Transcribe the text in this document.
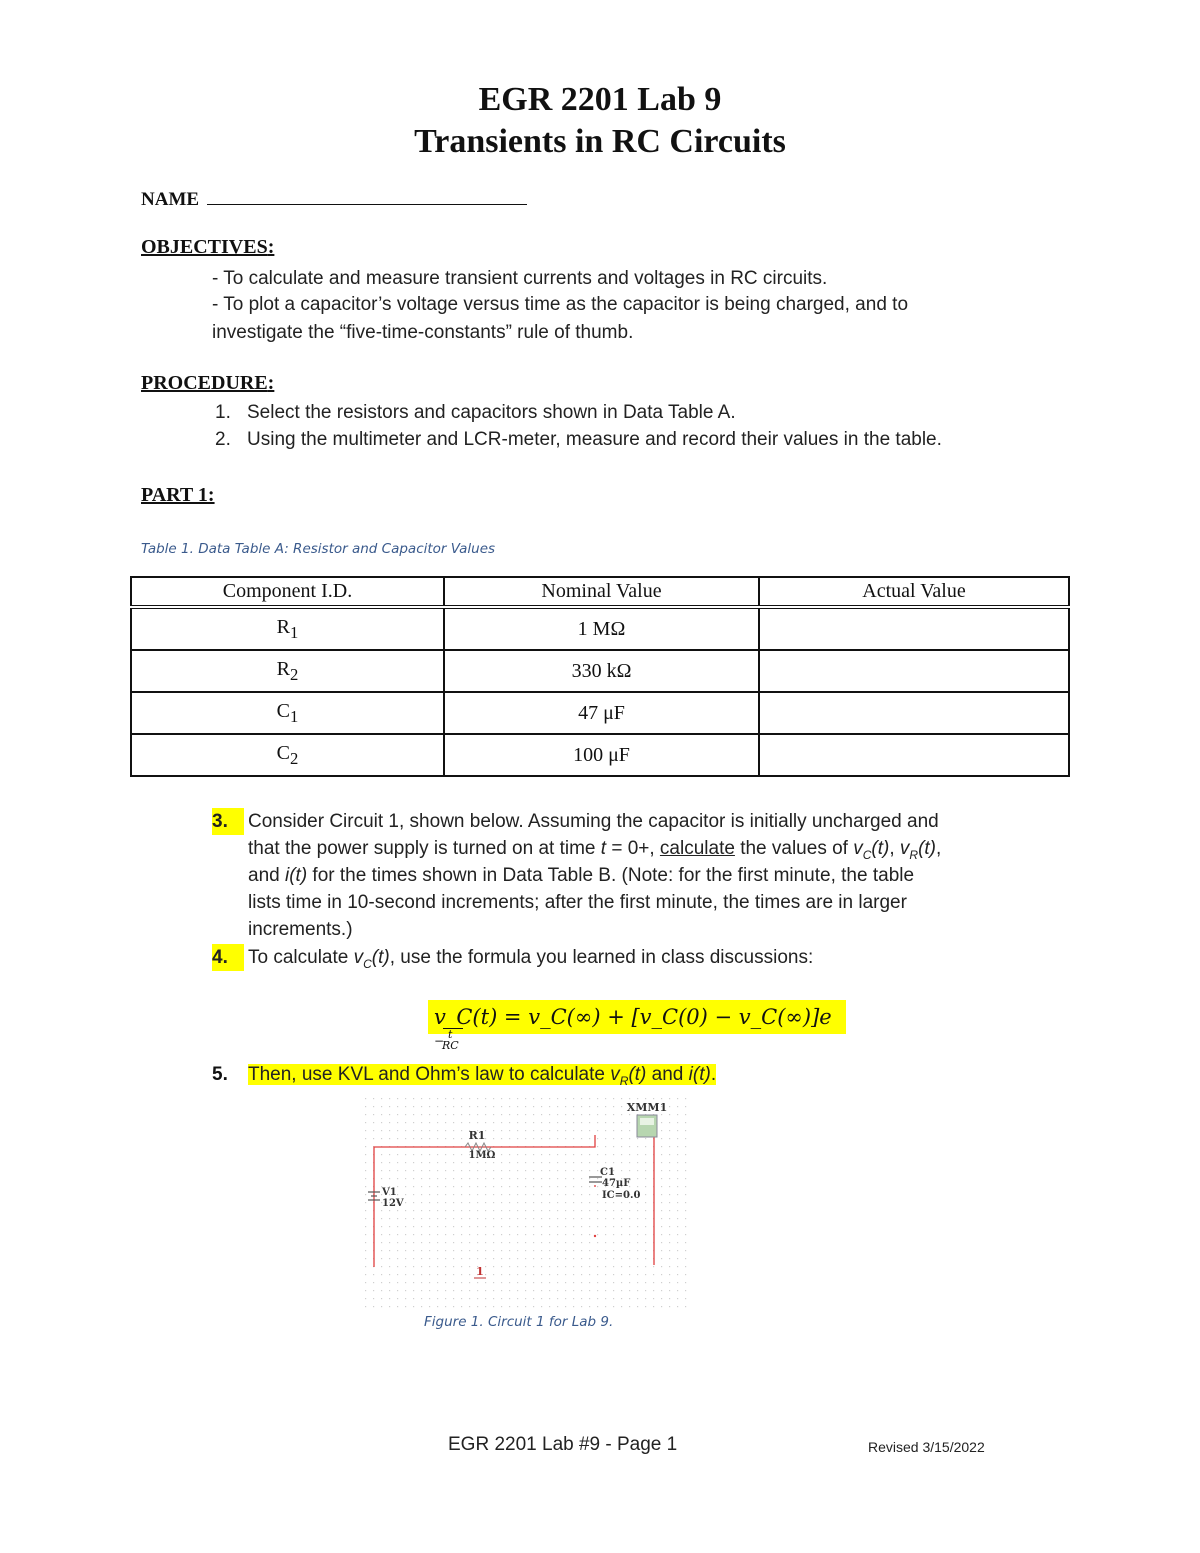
EGR 2201 Lab 9
Transients in RC Circuits
NAME
OBJECTIVES:
- To calculate and measure transient currents and voltages in RC circuits.
- To plot a capacitor’s voltage versus time as the capacitor is being charged, and to
investigate the “five-time-constants” rule of thumb.
PROCEDURE:
1. Select the resistors and capacitors shown in Data Table A.
2. Using the multimeter and LCR-meter, measure and record their values in the table.
PART 1:
Table 1. Data Table A: Resistor and Capacitor Values
Component I.D.	Nominal Value	Actual Value
$R_1$	1 MΩ	
$R_2$	330 kΩ	
$C_1$	47 μF	
$C_2$	100 μF	
3.	Consider Circuit 1, shown below. Assuming the capacitor is initially uncharged and
that the power supply is turned on at time t = 0+, calculate the values of $v_C(t)$, $v_R(t)$,
and i(t) for the times shown in Data Table B. (Note: for the first minute, the table
lists time in 10-second increments; after the first minute, the times are in larger
increments.)
4.	To calculate $v_C(t)$, use the formula you learned in class discussions:
v_C(t) = v_C(∞) + [v_C(0) − v_C(∞)]e
− t
RC
5.	Then, use KVL and Ohm’s law to calculate $v_R(t)$ and i(t).
R1
1MΩ
XMM1
C1
47µF
IC=0.0
V1
12V
1
Figure 1. Circuit 1 for Lab 9.
EGR 2201 Lab #9 - Page 1	Revised 3/15/2022
